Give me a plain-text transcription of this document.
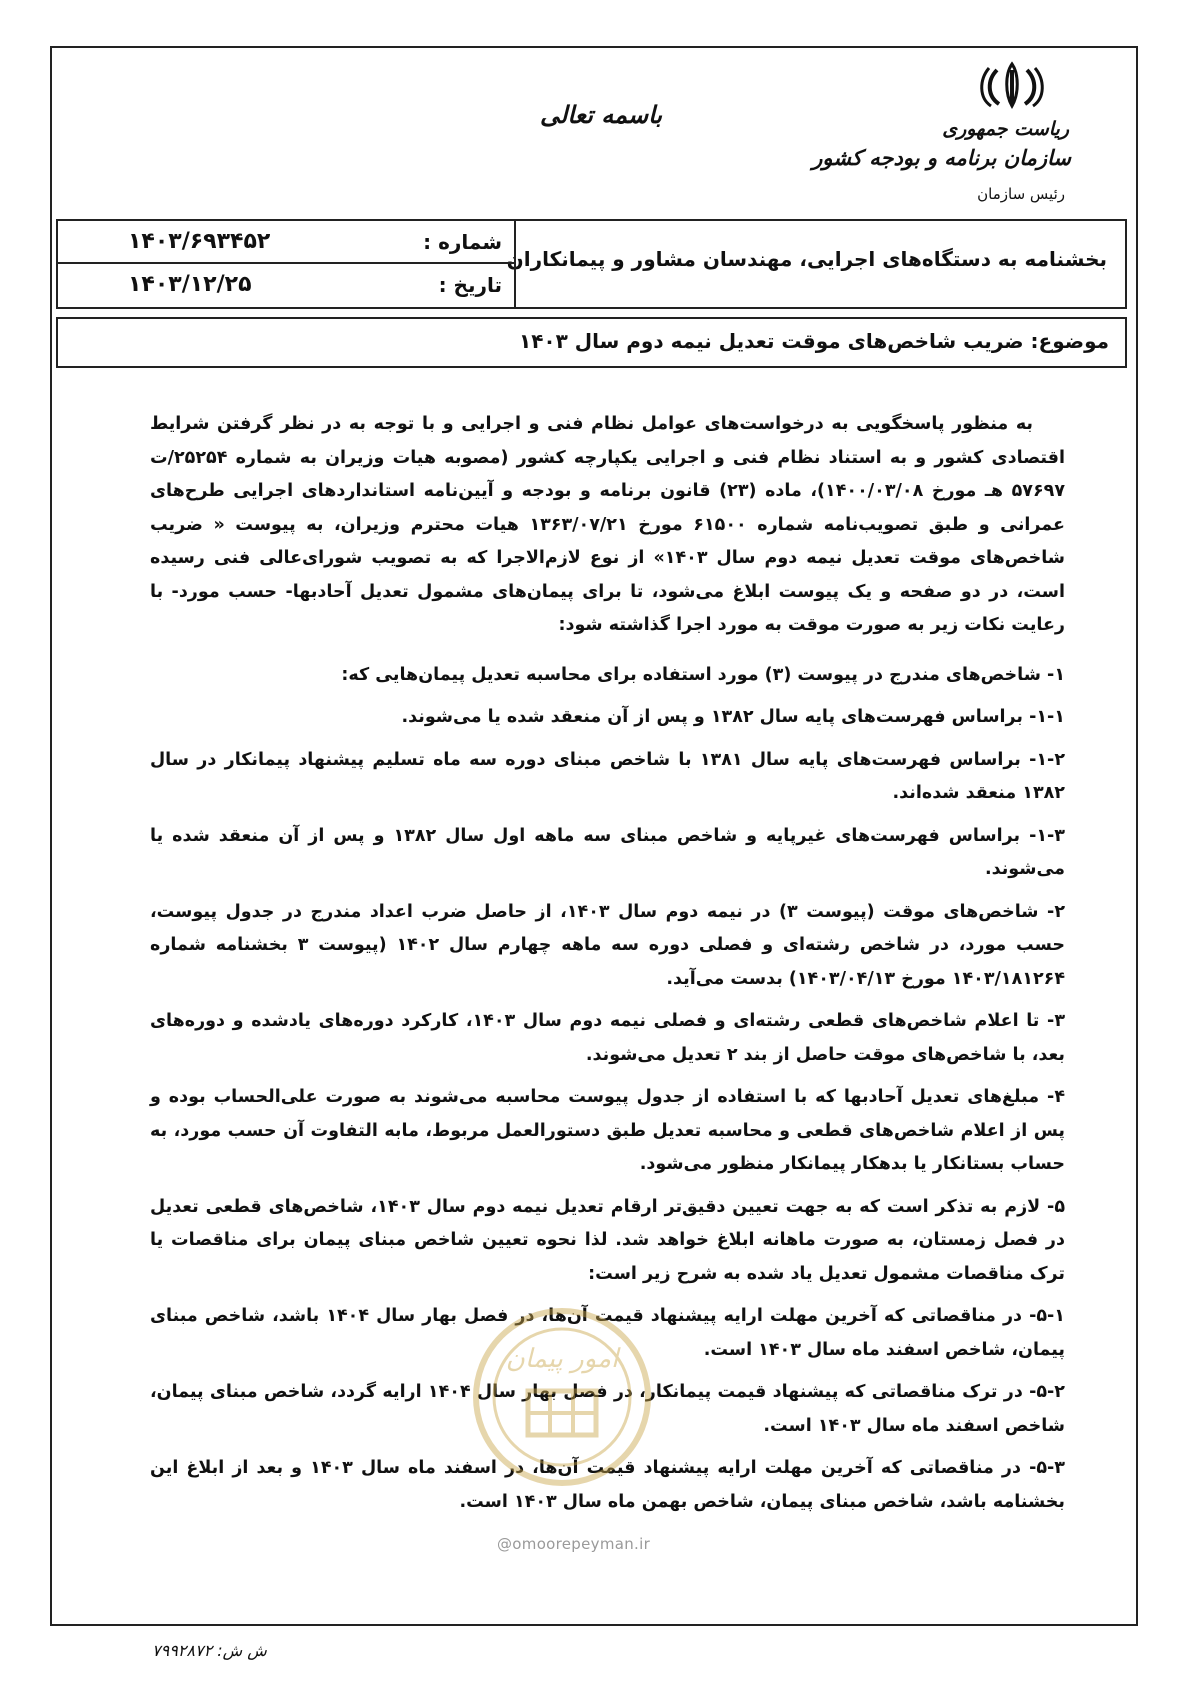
ریاست جمهوری
سازمان برنامه و بودجه کشور
رئیس سازمان
باسمه تعالی
بخشنامه به دستگاه‌های اجرایی، مهندسان مشاور و پیمانکاران
شماره :
۱۴۰۳/۶۹۳۴۵۲
تاریخ :
۱۴۰۳/۱۲/۲۵
موضوع: ضریب شاخص‌های موقت تعدیل نیمه دوم سال ۱۴۰۳

به منظور پاسخگویی به درخواست‌های عوامل نظام فنی و اجرایی و با توجه به در نظر گرفتن شرایط اقتصادی کشور و به استناد نظام فنی و اجرایی یکپارچه کشور (مصوبه هیات وزیران به شماره ۲۵۲۵۴/ت ۵۷۶۹۷ هـ مورخ ۱۴۰۰/۰۳/۰۸)، ماده (۲۳) قانون برنامه و بودجه و آیین‌نامه استانداردهای اجرایی طرح‌های عمرانی و طبق تصویب‌نامه شماره ۶۱۵۰۰ مورخ ۱۳۶۳/۰۷/۲۱ هیات محترم وزیران، به پیوست « ضریب شاخص‌های موقت تعدیل نیمه دوم سال ۱۴۰۳» از نوع لازم‌الاجرا که به تصویب شورای‌عالی فنی رسیده است، در دو صفحه و یک پیوست ابلاغ می‌شود، تا برای پیمان‌های مشمول تعدیل آحادبها- حسب مورد- با رعایت نکات زیر به صورت موقت به مورد اجرا گذاشته شود:

۱- شاخص‌های مندرج در پیوست (۳) مورد استفاده برای محاسبه تعدیل پیمان‌هایی که:

۱-۱- براساس فهرست‌های پایه سال ۱۳۸۲ و پس از آن منعقد شده یا می‌شوند.

۱-۲- براساس فهرست‌های پایه سال ۱۳۸۱ با شاخص مبنای دوره سه ماه تسلیم پیشنهاد پیمانکار در سال ۱۳۸۲ منعقد شده‌اند.

۱-۳- براساس فهرست‌های غیرپایه و شاخص مبنای سه ماهه اول سال ۱۳۸۲ و پس از آن منعقد شده یا می‌شوند.

۲- شاخص‌های موقت (پیوست ۳) در نیمه دوم سال ۱۴۰۳، از حاصل ضرب اعداد مندرج در جدول پیوست، حسب مورد، در شاخص رشته‌ای و فصلی دوره سه ماهه چهارم سال ۱۴۰۲ (پیوست ۳ بخشنامه شماره ۱۴۰۳/۱۸۱۲۶۴ مورخ ۱۴۰۳/۰۴/۱۳) بدست می‌آید.

۳- تا اعلام شاخص‌های قطعی رشته‌ای و فصلی نیمه دوم سال ۱۴۰۳، کارکرد دوره‌های یادشده و دوره‌های بعد، با شاخص‌های موقت حاصل از بند ۲ تعدیل می‌شوند.

۴- مبلغ‌های تعدیل آحادبها که با استفاده از جدول پیوست محاسبه می‌شوند به صورت علی‌الحساب بوده و پس از اعلام شاخص‌های قطعی و محاسبه تعدیل طبق دستورالعمل مربوط، مابه التفاوت آن حسب مورد، به حساب بستانکار یا بدهکار پیمانکار منظور می‌شود.

۵- لازم به تذکر است که به جهت تعیین دقیق‌تر ارقام تعدیل نیمه دوم سال ۱۴۰۳، شاخص‌های قطعی تعدیل در فصل زمستان، به صورت ماهانه ابلاغ خواهد شد. لذا نحوه تعیین شاخص مبنای پیمان برای مناقصات یا ترک مناقصات مشمول تعدیل یاد شده به شرح زیر است:

۵-۱- در مناقصاتی که آخرین مهلت ارایه پیشنهاد قیمت آن‌ها، در فصل بهار سال ۱۴۰۴ باشد، شاخص مبنای پیمان، شاخص اسفند ماه سال ۱۴۰۳ است.

۵-۲- در ترک مناقصاتی که پیشنهاد قیمت پیمانکار، در فصل بهار سال ۱۴۰۴ ارایه گردد، شاخص مبنای پیمان، شاخص اسفند ماه سال ۱۴۰۳ است.

۵-۳- در مناقصاتی که آخرین مهلت ارایه پیشنهاد قیمت آن‌ها، در اسفند ماه سال ۱۴۰۳ و بعد از ابلاغ این بخشنامه باشد، شاخص مبنای پیمان، شاخص بهمن ماه سال ۱۴۰۳ است.

امور پیمان
@omoorepeyman.ir
ش ش: ۷۹۹۲۸۷۲
